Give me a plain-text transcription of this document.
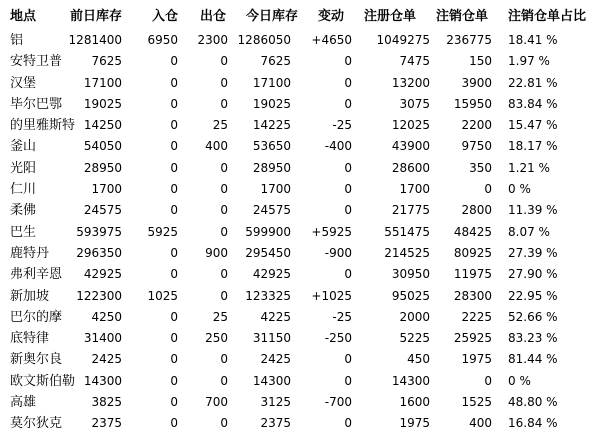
地点	前日库存	入仓	出仓	今日库存	变动	注册仓单	注销仓单	注销仓单占比
铝	1281400	6950	2300 1286050	+4650	1049275	236775 18.41 %
安特卫普	7625	0	0	7625	0	7475	150 1.97 %
汉堡	17100	0	0	17100	0	13200	3900 22.81 %
毕尔巴鄂	19025	0	0	19025	0	3075	15950 83.84 %
的里雅斯特 14250	0	25	14225	-25	12025	2200 15.47 %
釜山	54050	0	400	53650	-400	43900	9750 18.17 %
光阳	28950	0	0	28950	0	28600	350 1.21 %
仁川	1700	0	0	1700	0	1700	0 0 %
柔佛	24575	0	0	24575	0	21775	2800 11.39 %
巴生	593975	5925	0	599900	+5925	551475	48425 8.07 %
鹿特丹	296350	0	900	295450	-900	214525	80925 27.39 %
弗利辛恩	42925	0	0	42925	0	30950	11975 27.90 %
新加坡	122300	1025	0	123325	+1025	95025	28300 22.95 %
巴尔的摩	4250	0	25	4225	-25	2000	2225 52.66 %
底特律	31400	0	250	31150	-250	5225	25925 83.23 %
新奥尔良	2425	0	0	2425	0	450	1975 81.44 %
欧文斯伯勒 14300	0	0	14300	0	14300	0 0 %
高雄	3825	0	700	3125	-700	1600	1525 48.80 %
莫尔狄克	2375	0	0	2375	0	1975	400 16.84 %
